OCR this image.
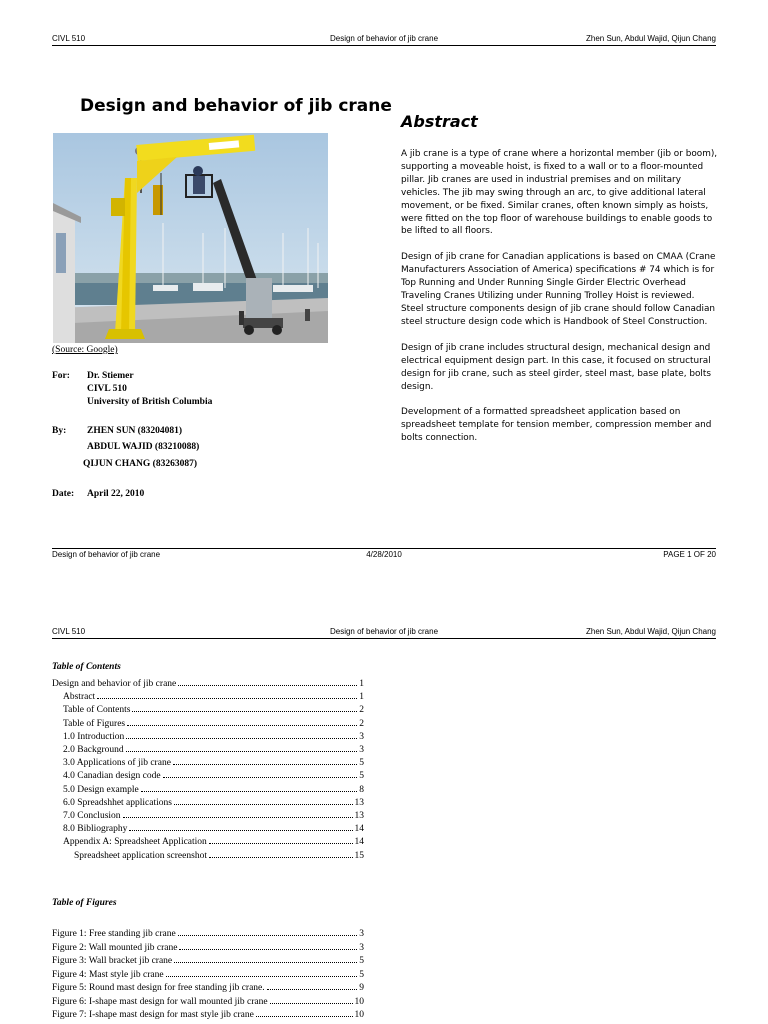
CIVL 510	Design of behavior of jib crane	Zhen Sun, Abdul Wajid, Qijun Chang
Design and behavior of jib crane
(Source: Google)
Abstract

A jib crane is a type of crane where a horizontal member (jib or boom), supporting a moveable hoist, is fixed to a wall or to a floor-mounted pillar. Jib cranes are used in industrial premises and on military vehicles. The jib may swing through an arc, to give additional lateral movement, or be fixed. Similar cranes, often known simply as hoists, were fitted on the top floor of warehouse buildings to enable goods to be lifted to all floors.

Design of jib crane for Canadian applications is based on CMAA (Crane Manufacturers Association of America) specifications # 74 which is for Top Running and Under Running Single Girder Electric Overhead Traveling Cranes Utilizing under Running Trolley Hoist is reviewed. Steel structure components design of jib crane should follow Canadian steel structure design code which is Handbook of Steel Construction.

Design of jib crane includes structural design, mechanical design and electrical equipment design part. In this case, it focused on structural design for jib crane, such as steel girder, steel mast, base plate, bolts design.

Development of a formatted spreadsheet application based on spreadsheet template for tension member, compression member and bolts connection.

For: Dr. Stiemer
CIVL 510
University of British Columbia
By: ZHEN SUN (83204081)
ABDUL WAJID (83210088)
QIJUN CHANG (83263087)
Date: April 22, 2010
Design of behavior of jib crane	4/28/2010	PAGE 1 OF 20
CIVL 510	Design of behavior of jib crane	Zhen Sun, Abdul Wajid, Qijun Chang
Table of Contents
Design and behavior of jib crane	1
Abstract	1
Table of Contents	2
Table of Figures	2
1.0 Introduction	3
2.0 Background	3
3.0 Applications of jib crane	5
4.0 Canadian design code	5
5.0 Design example	8
6.0 Spreadshhet applications	13
7.0 Conclusion	13
8.0 Bibliography	14
Appendix A: Spreadsheet Application	14
Spreadsheet application screenshot	15
Table of Figures
Figure 1: Free standing jib crane	3
Figure 2: Wall mounted jib crane	3
Figure 3: Wall bracket jib crane	5
Figure 4: Mast style jib crane	5
Figure 5: Round mast design for free standing jib crane.	9
Figure 6: I-shape mast design for wall mounted jib crane	10
Figure 7: I-shape mast design for mast style jib crane	10
